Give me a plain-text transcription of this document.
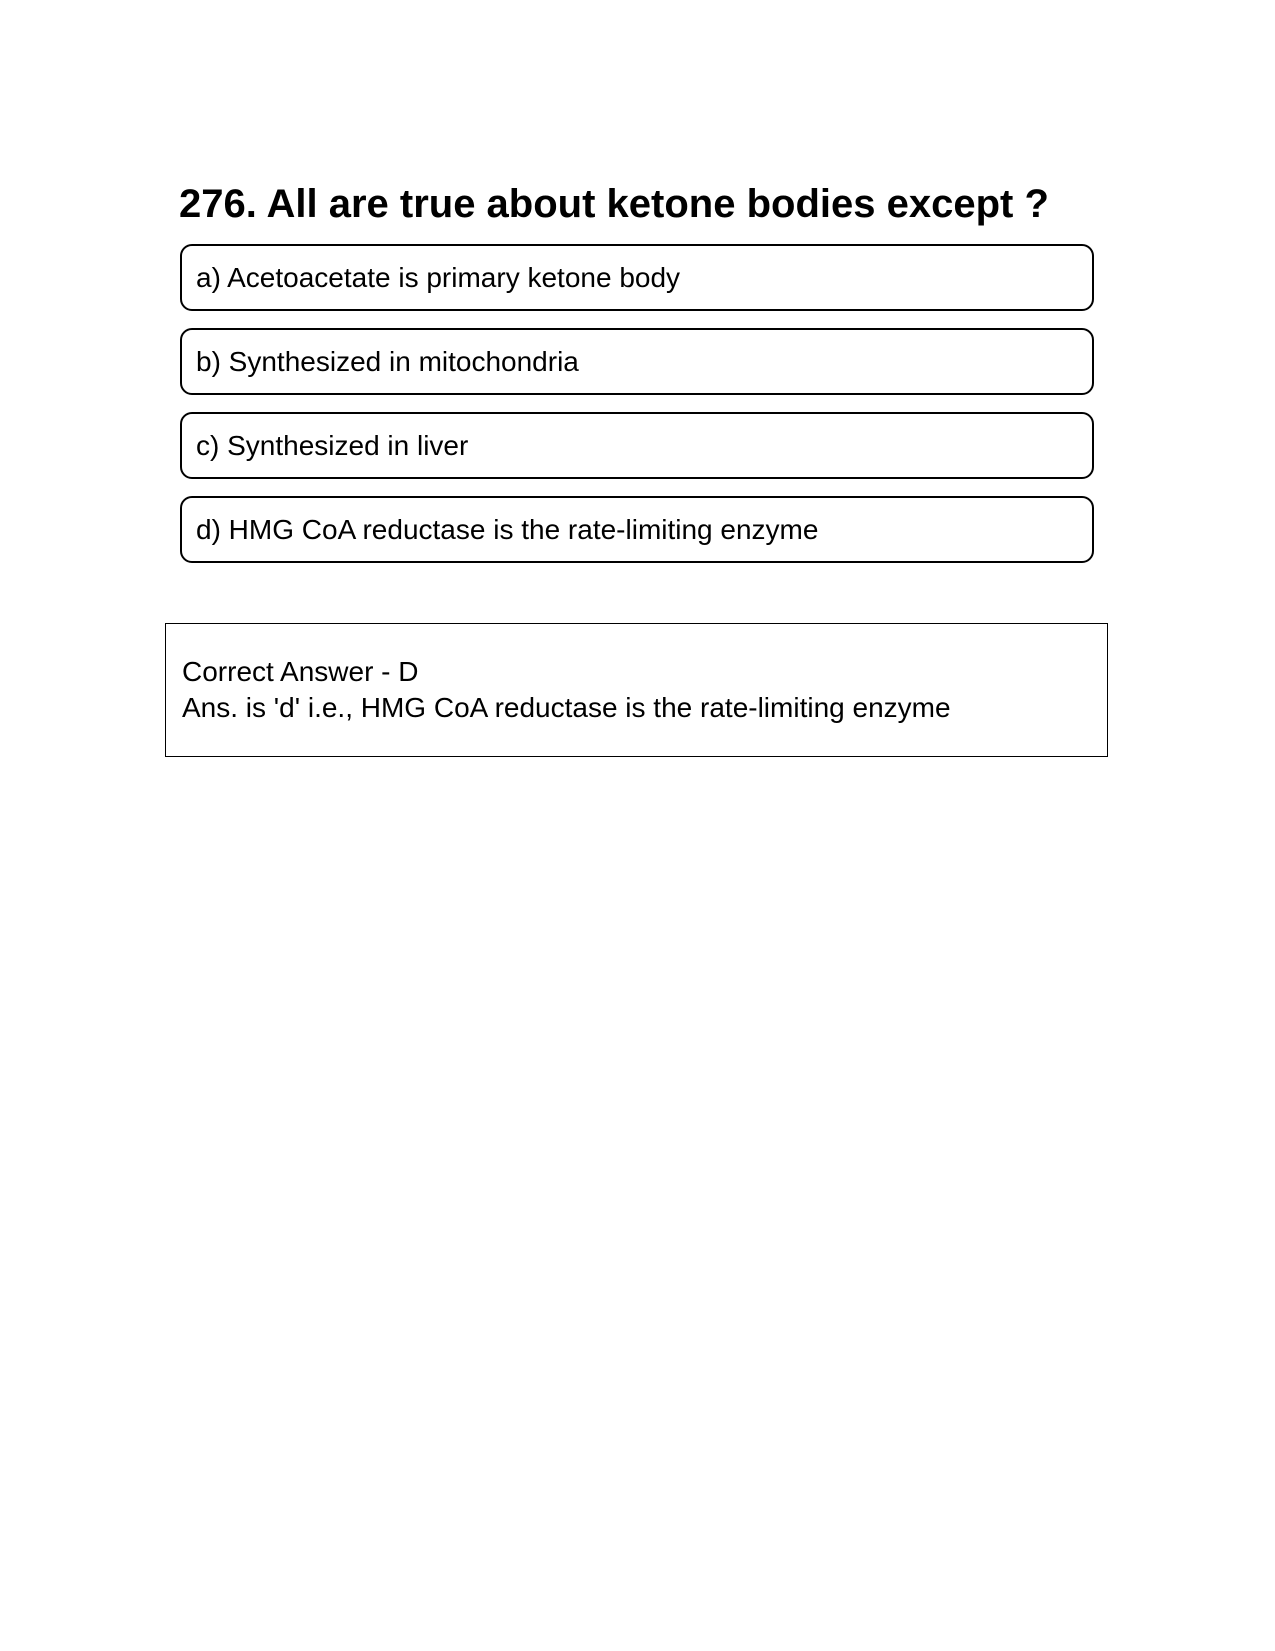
276. All are true about ketone bodies except ?
a) Acetoacetate is primary ketone body
b) Synthesized in mitochondria
c) Synthesized in liver
d) HMG CoA reductase is the rate-limiting enzyme
Correct Answer - D
Ans. is 'd' i.e., HMG CoA reductase is the rate-limiting enzyme
